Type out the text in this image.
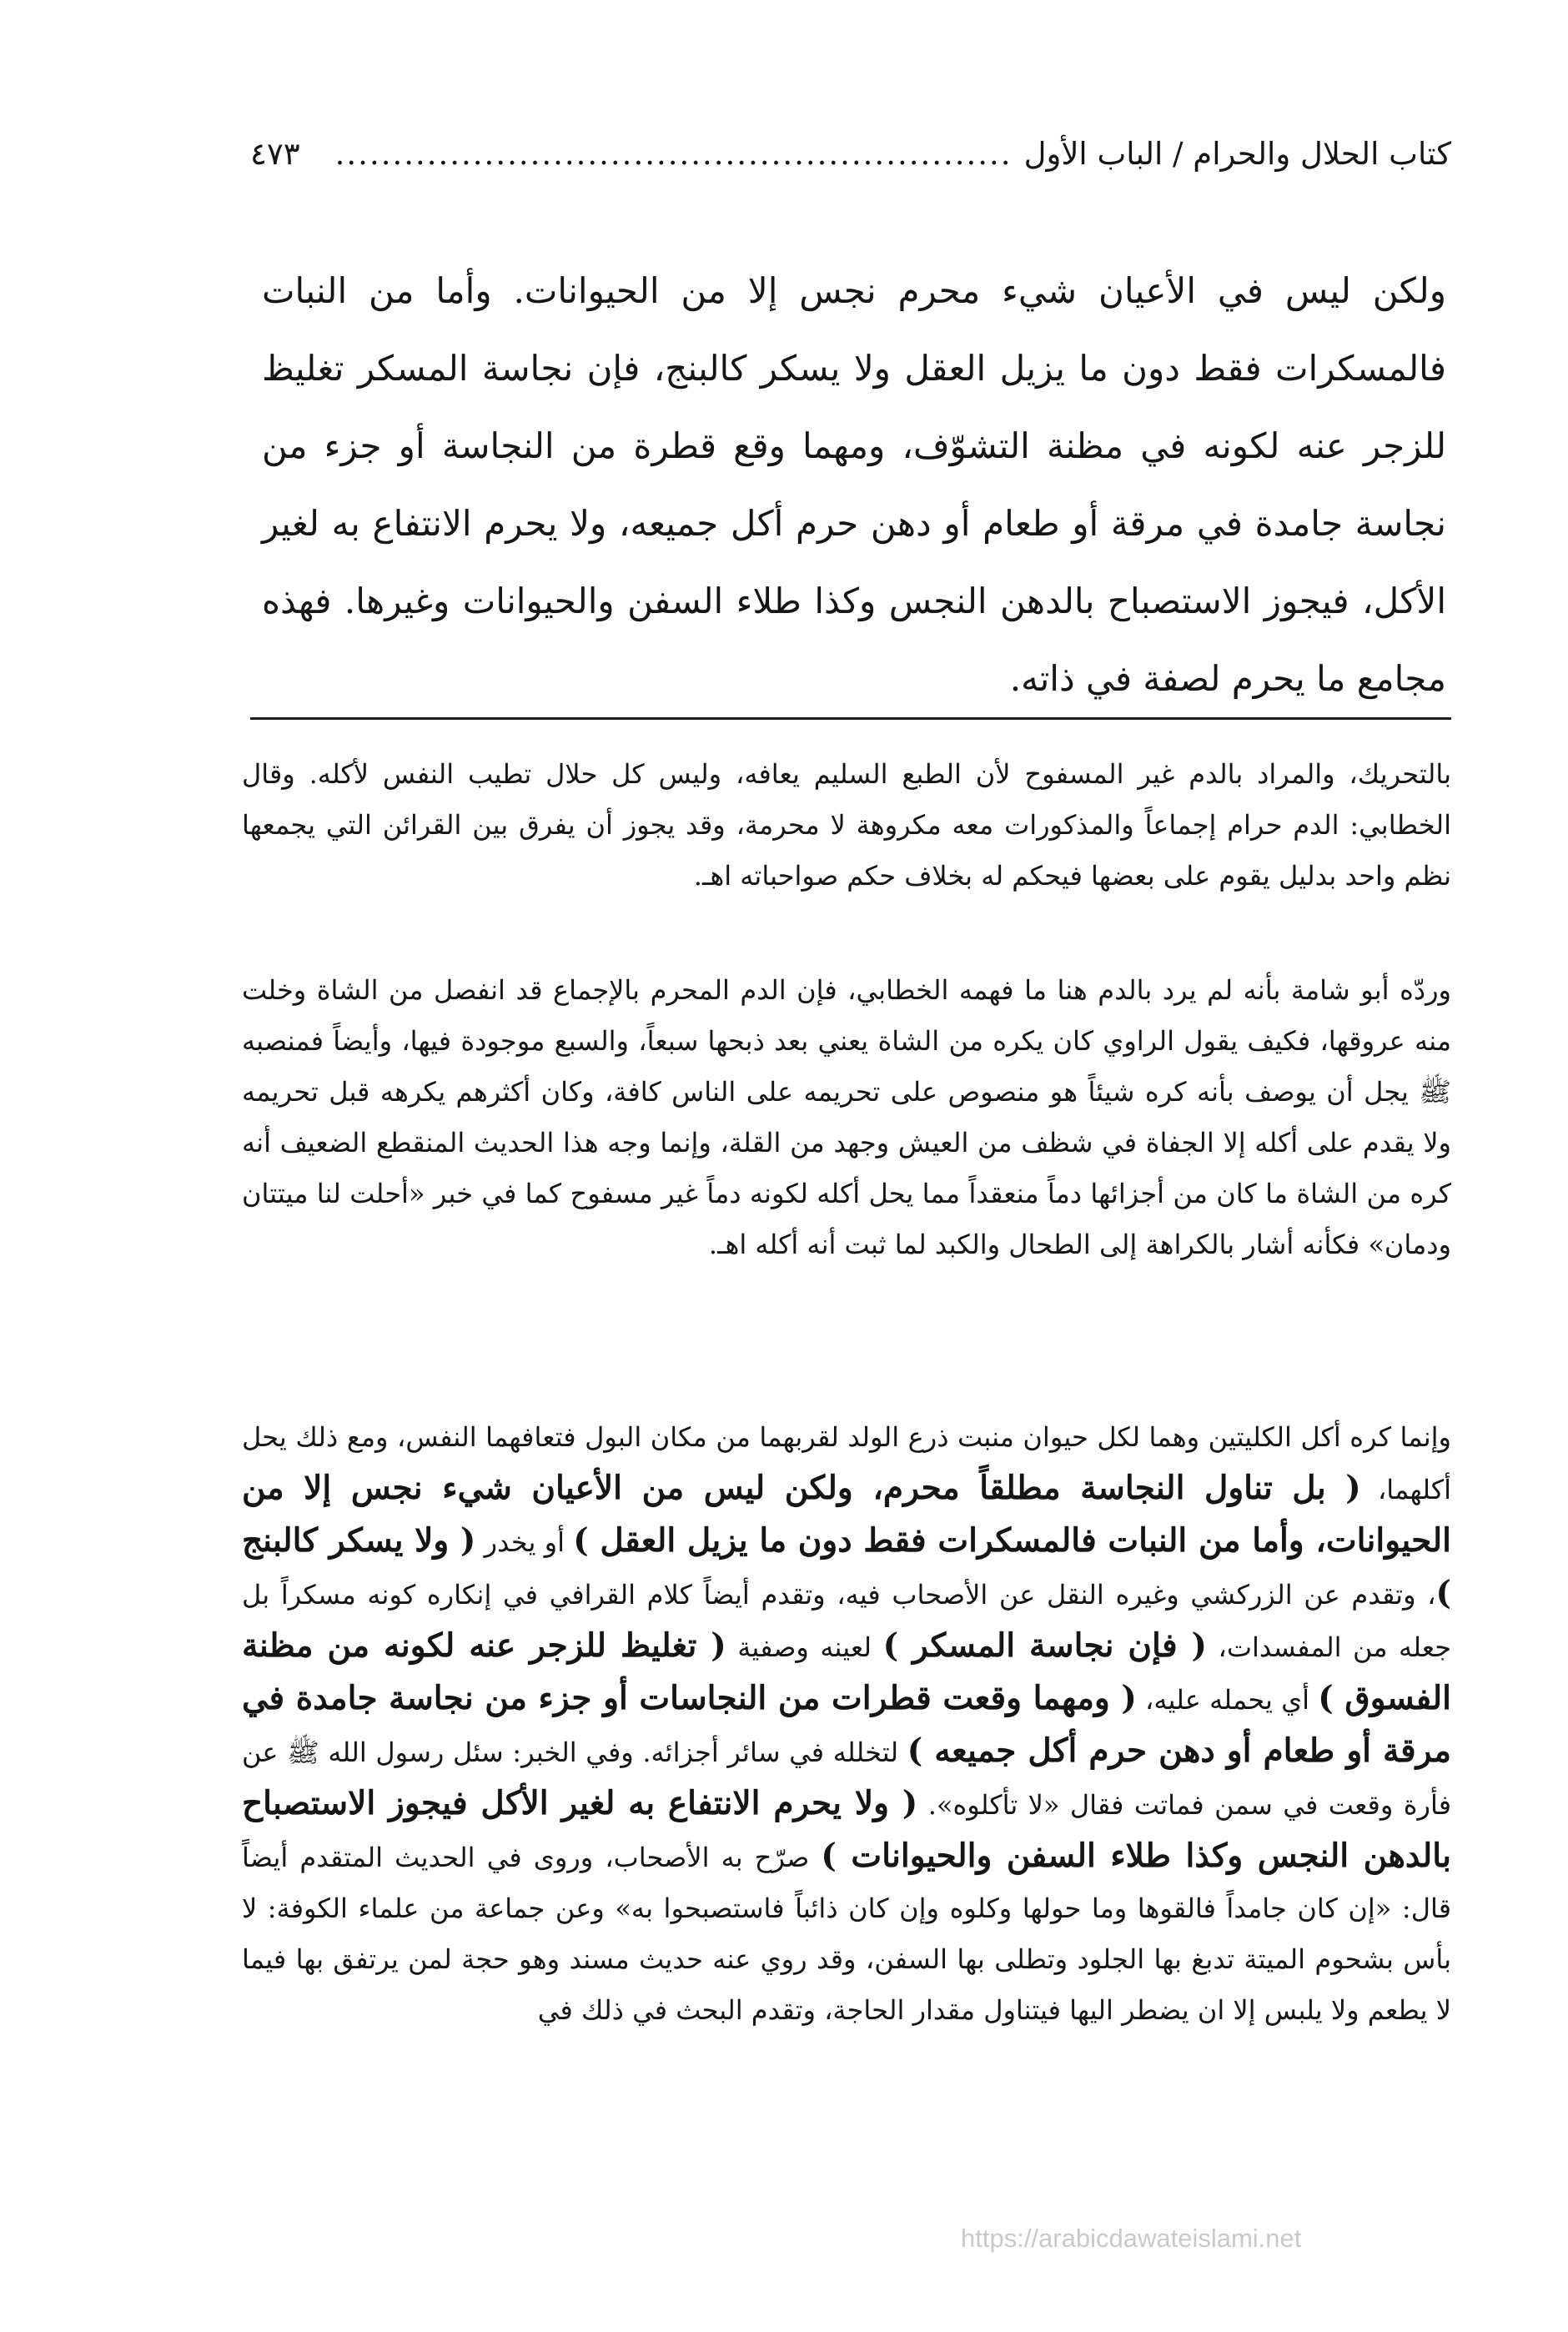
كتاب الحلال والحرام / الباب الأول
...........................................................
٤٧٣

ولكن ليس في الأعيان شيء محرم نجس إلا من الحيوانات. وأما من النبات فالمسكرات فقط دون ما يزيل العقل ولا يسكر كالبنج، فإن نجاسة المسكر تغليظ للزجر عنه لكونه في مظنة التشوّف، ومهما وقع قطرة من النجاسة أو جزء من نجاسة جامدة في مرقة أو طعام أو دهن حرم أكل جميعه، ولا يحرم الانتفاع به لغير الأكل، فيجوز الاستصباح بالدهن النجس وكذا طلاء السفن والحيوانات وغيرها. فهذه مجامع ما يحرم لصفة في ذاته.

بالتحريك، والمراد بالدم غير المسفوح لأن الطبع السليم يعافه، وليس كل حلال تطيب النفس لأكله. وقال الخطابي: الدم حرام إجماعاً والمذكورات معه مكروهة لا محرمة، وقد يجوز أن يفرق بين القرائن التي يجمعها نظم واحد بدليل يقوم على بعضها فيحكم له بخلاف حكم صواحباته اهـ.

وردّه أبو شامة بأنه لم يرد بالدم هنا ما فهمه الخطابي، فإن الدم المحرم بالإجماع قد انفصل من الشاة وخلت منه عروقها، فكيف يقول الراوي كان يكره من الشاة يعني بعد ذبحها سبعاً، والسبع موجودة فيها، وأيضاً فمنصبه ﷺ يجل أن يوصف بأنه كره شيئاً هو منصوص على تحريمه على الناس كافة، وكان أكثرهم يكرهه قبل تحريمه ولا يقدم على أكله إلا الجفاة في شظف من العيش وجهد من القلة، وإنما وجه هذا الحديث المنقطع الضعيف أنه كره من الشاة ما كان من أجزائها دماً منعقداً مما يحل أكله لكونه دماً غير مسفوح كما في خبر «أحلت لنا ميتتان ودمان» فكأنه أشار بالكراهة إلى الطحال والكبد لما ثبت أنه أكله اهـ.

وإنما كره أكل الكليتين وهما لكل حيوان منبت ذرع الولد لقربهما من مكان البول فتعافهما النفس، ومع ذلك يحل أكلهما، ( بل تناول النجاسة مطلقاً محرم، ولكن ليس من الأعيان شيء نجس إلا من الحيوانات، وأما من النبات فالمسكرات فقط دون ما يزيل العقل ) أو يخدر ( ولا يسكر كالبنج )، وتقدم عن الزركشي وغيره النقل عن الأصحاب فيه، وتقدم أيضاً كلام القرافي في إنكاره كونه مسكراً بل جعله من المفسدات، ( فإن نجاسة المسكر ) لعينه وصفية ( تغليظ للزجر عنه لكونه من مظنة الفسوق ) أي يحمله عليه، ( ومهما وقعت قطرات من النجاسات أو جزء من نجاسة جامدة في مرقة أو طعام أو دهن حرم أكل جميعه ) لتخلله في سائر أجزائه. وفي الخبر: سئل رسول الله ﷺ عن فأرة وقعت في سمن فماتت فقال «لا تأكلوه». ( ولا يحرم الانتفاع به لغير الأكل فيجوز الاستصباح بالدهن النجس وكذا طلاء السفن والحيوانات ) صرّح به الأصحاب، وروى في الحديث المتقدم أيضاً قال: «إن كان جامداً فالقوها وما حولها وكلوه وإن كان ذائباً فاستصبحوا به» وعن جماعة من علماء الكوفة: لا بأس بشحوم الميتة تدبغ بها الجلود وتطلى بها السفن، وقد روي عنه حديث مسند وهو حجة لمن يرتفق بها فيما لا يطعم ولا يلبس إلا ان يضطر اليها فيتناول مقدار الحاجة، وتقدم البحث في ذلك في

https://arabicdawateislami.net
